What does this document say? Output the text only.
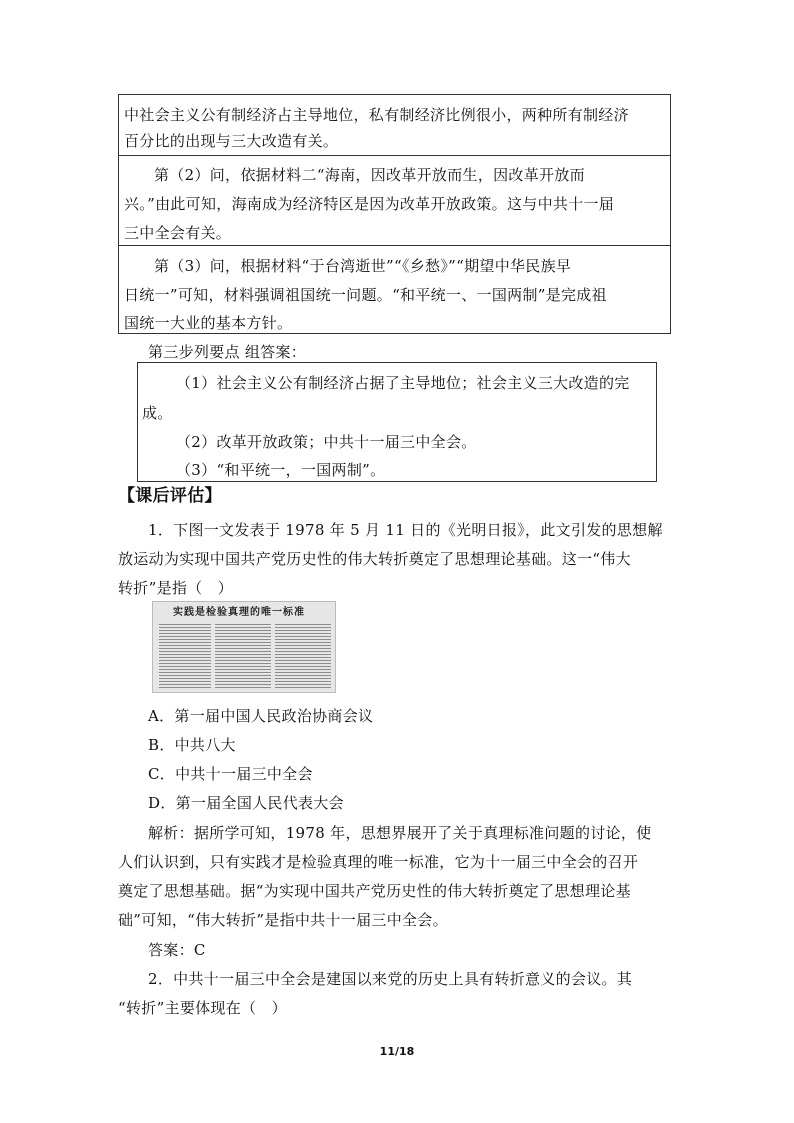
中社会主义公有制经济占主导地位，私有制经济比例很小，两种所有制经济
百分比的出现与三大改造有关。
第（2）问，依据材料二“海南，因改革开放而生，因改革开放而
兴。”由此可知，海南成为经济特区是因为改革开放政策。这与中共十一届
三中全会有关。
第（3）问，根据材料“于台湾逝世”“《乡愁》”“期望中华民族早
日统一”可知，材料强调祖国统一问题。“和平统一、一国两制”是完成祖
国统一大业的基本方针。
第三步列要点 组答案：
（1）社会主义公有制经济占据了主导地位；社会主义三大改造的完
成。
（2）改革开放政策；中共十一届三中全会。
（3）“和平统一，一国两制”。
【课后评估】
1．下图一文发表于 1978 年 5 月 11 日的《光明日报》，此文引发的思想解
放运动为实现中国共产党历史性的伟大转折奠定了思想理论基础。这一“伟大
转折”是指（　）
实践是检验真理的唯一标准
A．第一届中国人民政治协商会议
B．中共八大
C．中共十一届三中全会
D．第一届全国人民代表大会
解析：据所学可知，1978 年，思想界展开了关于真理标准问题的讨论，使
人们认识到，只有实践才是检验真理的唯一标准，它为十一届三中全会的召开
奠定了思想基础。据“为实现中国共产党历史性的伟大转折奠定了思想理论基
础”可知，“伟大转折”是指中共十一届三中全会。
答案：C
2．中共十一届三中全会是建国以来党的历史上具有转折意义的会议。其
“转折”主要体现在（　）
11/18
